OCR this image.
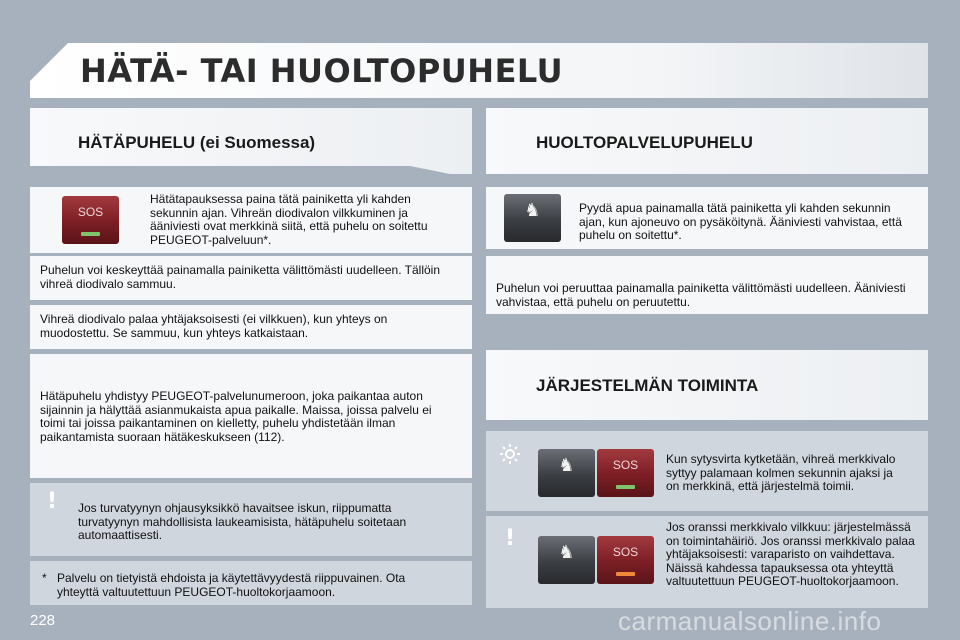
HÄTÄ- TAI HUOLTOPUHELU
HÄTÄPUHELU (ei Suomessa)
SOS

Hätätapauksessa paina tätä painiketta yli kahden sekunnin ajan. Vihreän diodivalon vilkkuminen ja ääniviesti ovat merkkinä siitä, että puhelu on soitettu PEUGEOT-palveluun*.

Puhelun voi keskeyttää painamalla painiketta välittömästi uudelleen. Tällöin vihreä diodivalo sammuu.

Vihreä diodivalo palaa yhtäjaksoisesti (ei vilkkuen), kun yhteys on muodostettu. Se sammuu, kun yhteys katkaistaan.

Hätäpuhelu yhdistyy PEUGEOT-palvelunumeroon, joka paikantaa auton sijainnin ja hälyttää asianmukaista apua paikalle. Maissa, joissa palvelu ei toimi tai joissa paikantaminen on kielletty, puhelu yhdistetään ilman paikantamista suoraan hätäkeskukseen (112).

! Jos turvatyynyn ohjausyksikkö havaitsee iskun, riippumatta turvatyynyn mahdollisista laukeamisista, hätäpuhelu soitetaan automaattisesti.

* Palvelu on tietyistä ehdoista ja käytettävyydestä riippuvainen. Ota yhteyttä valtuutettuun PEUGEOT-huoltokorjaamoon.

HUOLTOPALVELUPUHELU
♞	Pyydä apua painamalla tätä painiketta yli kahden sekunnin ajan, kun ajoneuvo on pysäköitynä. Ääniviesti vahvistaa, että puhelu on soitettu*.

Puhelun voi peruuttaa painamalla painiketta välittömästi uudelleen. Ääniviesti vahvistaa, että puhelu on peruutettu.

JÄRJESTELMÄN TOIMINTA
♞	SOS	Kun sytysvirta kytketään, vihreä merkkivalo syttyy palamaan kolmen sekunnin ajaksi ja on merkkinä, että järjestelmä toimii.

!
♞	SOS

Jos oranssi merkkivalo vilkkuu: järjestelmässä on toimintahäiriö. Jos oranssi merkkivalo palaa yhtäjaksoisesti: varaparisto on vaihdettava. Näissä kahdessa tapauksessa ota yhteyttä valtuutettuun PEUGEOT-huoltokorjaamoon.

228	carmanualsonline.info
